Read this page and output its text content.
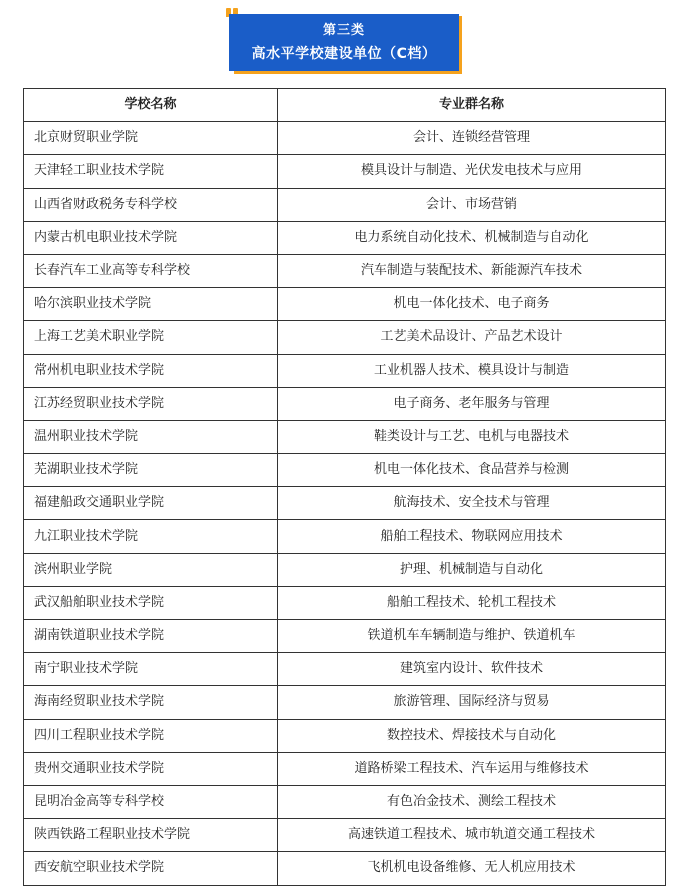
第三类
高水平学校建设单位（C档）
学校名称	专业群名称
北京财贸职业学院	会计、连锁经营管理
天津轻工职业技术学院	模具设计与制造、光伏发电技术与应用
山西省财政税务专科学校	会计、市场营销
内蒙古机电职业技术学院	电力系统自动化技术、机械制造与自动化
长春汽车工业高等专科学校	汽车制造与装配技术、新能源汽车技术
哈尔滨职业技术学院	机电一体化技术、电子商务
上海工艺美术职业学院	工艺美术品设计、产品艺术设计
常州机电职业技术学院	工业机器人技术、模具设计与制造
江苏经贸职业技术学院	电子商务、老年服务与管理
温州职业技术学院	鞋类设计与工艺、电机与电器技术
芜湖职业技术学院	机电一体化技术、食品营养与检测
福建船政交通职业学院	航海技术、安全技术与管理
九江职业技术学院	船舶工程技术、物联网应用技术
滨州职业学院	护理、机械制造与自动化
武汉船舶职业技术学院	船舶工程技术、轮机工程技术
湖南铁道职业技术学院	铁道机车车辆制造与维护、铁道机车
南宁职业技术学院	建筑室内设计、软件技术
海南经贸职业技术学院	旅游管理、国际经济与贸易
四川工程职业技术学院	数控技术、焊接技术与自动化
贵州交通职业技术学院	道路桥梁工程技术、汽车运用与维修技术
昆明冶金高等专科学校	有色冶金技术、测绘工程技术
陕西铁路工程职业技术学院	高速铁道工程技术、城市轨道交通工程技术
西安航空职业技术学院	飞机机电设备维修、无人机应用技术
